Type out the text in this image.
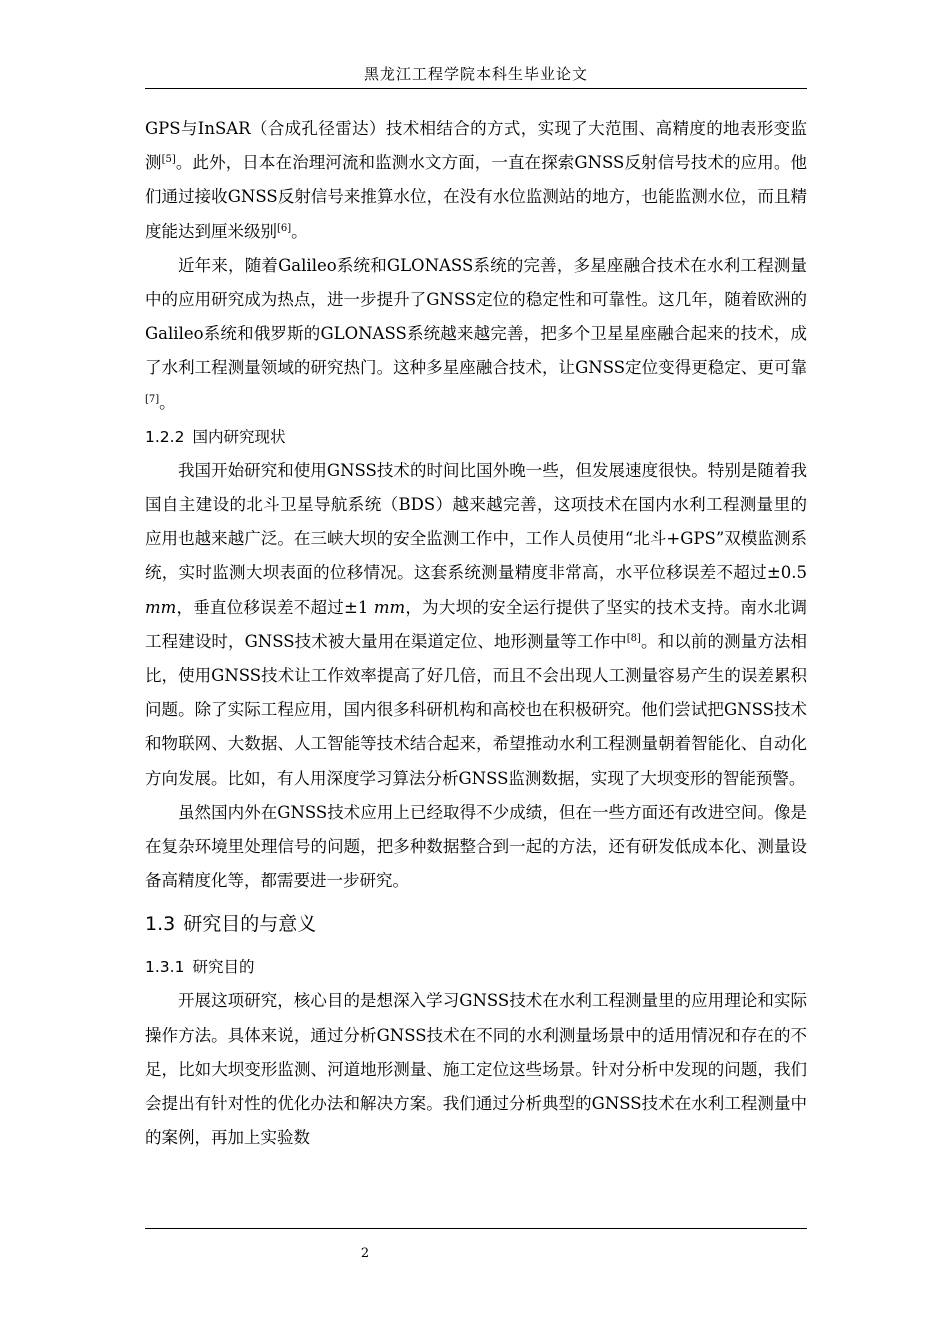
黑龙江工程学院本科生毕业论文

GPS与InSAR（合成孔径雷达）技术相结合的方式，实现了大范围、高精度的地表形变监测[5]。此外，日本在治理河流和监测水文方面，一直在探索GNSS反射信号技术的应用。他们通过接收GNSS反射信号来推算水位，在没有水位监测站的地方，也能监测水位，而且精度能达到厘米级别[6]。

近年来，随着Galileo系统和GLONASS系统的完善，多星座融合技术在水利工程测量中的应用研究成为热点，进一步提升了GNSS定位的稳定性和可靠性。这几年，随着欧洲的Galileo系统和俄罗斯的GLONASS系统越来越完善，把多个卫星星座融合起来的技术，成了水利工程测量领域的研究热门。这种多星座融合技术，让GNSS定位变得更稳定、更可靠[7]。

1.2.2 国内研究现状

我国开始研究和使用GNSS技术的时间比国外晚一些，但发展速度很快。特别是随着我国自主建设的北斗卫星导航系统（BDS）越来越完善，这项技术在国内水利工程测量里的应用也越来越广泛。在三峡大坝的安全监测工作中，工作人员使用“北斗+GPS”双模监测系统，实时监测大坝表面的位移情况。这套系统测量精度非常高，水平位移误差不超过±0.5 mm，垂直位移误差不超过±1 mm，为大坝的安全运行提供了坚实的技术支持。南水北调工程建设时，GNSS技术被大量用在渠道定位、地形测量等工作中[8]。和以前的测量方法相比，使用GNSS技术让工作效率提高了好几倍，而且不会出现人工测量容易产生的误差累积问题。除了实际工程应用，国内很多科研机构和高校也在积极研究。他们尝试把GNSS技术和物联网、大数据、人工智能等技术结合起来，希望推动水利工程测量朝着智能化、自动化方向发展。比如，有人用深度学习算法分析GNSS监测数据，实现了大坝变形的智能预警。

虽然国内外在GNSS技术应用上已经取得不少成绩，但在一些方面还有改进空间。像是在复杂环境里处理信号的问题，把多种数据整合到一起的方法，还有研发低成本化、测量设备高精度化等，都需要进一步研究。

1.3 研究目的与意义

1.3.1 研究目的

开展这项研究，核心目的是想深入学习GNSS技术在水利工程测量里的应用理论和实际操作方法。具体来说，通过分析GNSS技术在不同的水利测量场景中的适用情况和存在的不足，比如大坝变形监测、河道地形测量、施工定位这些场景。针对分析中发现的问题，我们会提出有针对性的优化办法和解决方案。我们通过分析典型的GNSS技术在水利工程测量中的案例，再加上实验数

2
